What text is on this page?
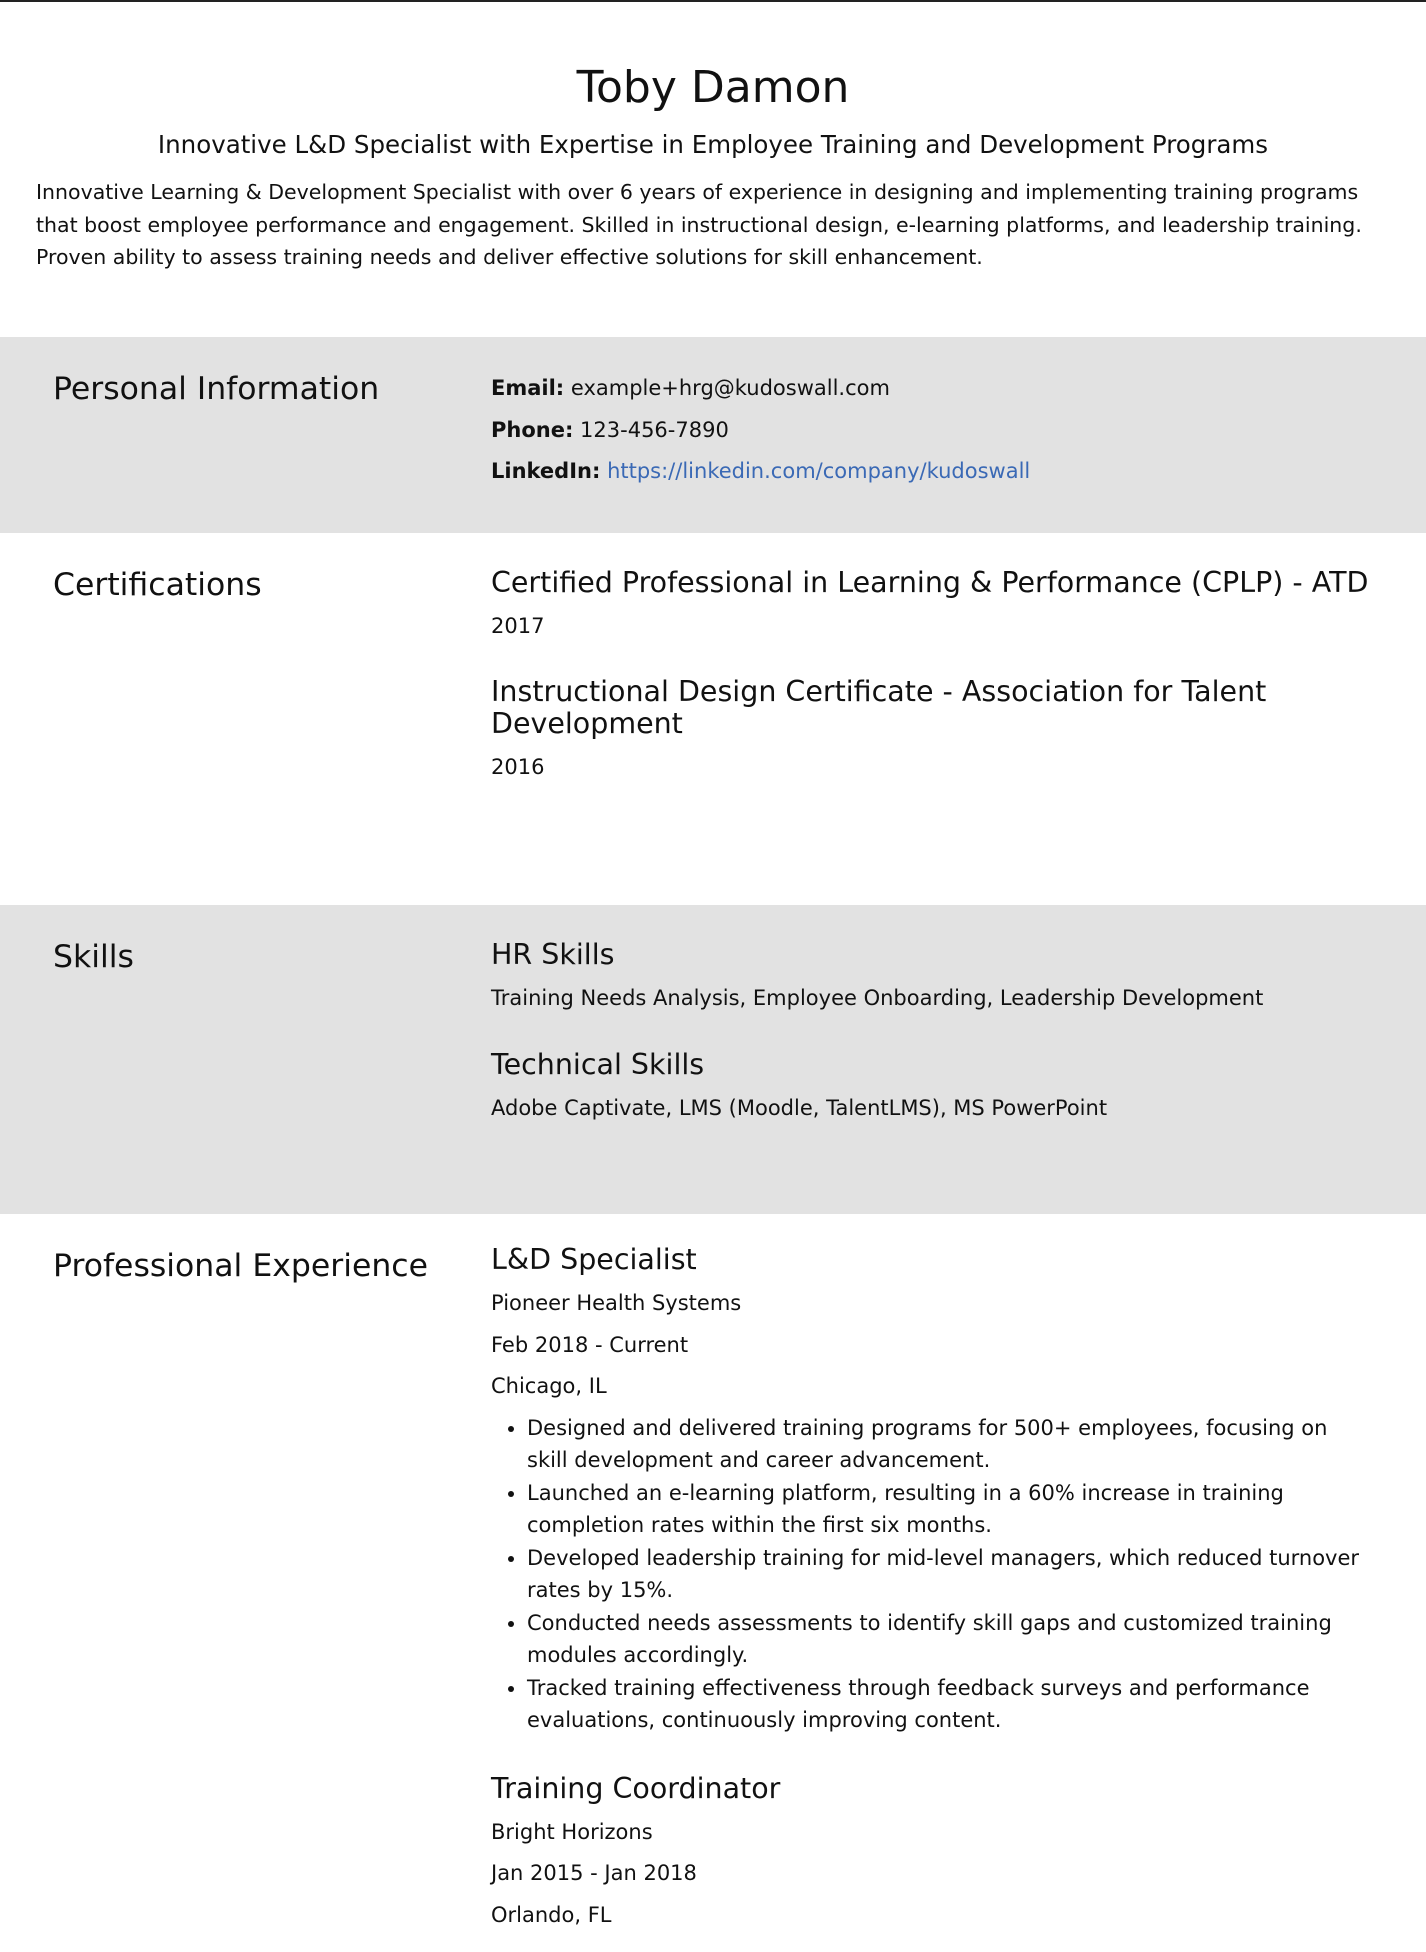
Toby Damon
Innovative L&D Specialist with Expertise in Employee Training and Development Programs
Innovative Learning & Development Specialist with over 6 years of experience in designing and implementing training programs that boost employee performance and engagement. Skilled in instructional design, e-learning platforms, and leadership training. Proven ability to assess training needs and deliver effective solutions for skill enhancement.
Personal Information	Email: example+hrg@kudoswall.com
Phone: 123-456-7890
LinkedIn: https://linkedin.com/company/kudoswall
Certifications	Certified Professional in Learning & Performance (CPLP) - ATD
2017
Instructional Design Certificate - Association for Talent Development
2016
Skills	HR Skills
Training Needs Analysis, Employee Onboarding, Leadership Development
Technical Skills
Adobe Captivate, LMS (Moodle, TalentLMS), MS PowerPoint
Professional Experience L&D Specialist
Pioneer Health Systems
Feb 2018 - Current
Chicago, IL
• Designed and delivered training programs for 500+ employees, focusing on skill development and career advancement.
• Launched an e-learning platform, resulting in a 60% increase in training completion rates within the first six months.
• Developed leadership training for mid-level managers, which reduced turnover rates by 15%.
• Conducted needs assessments to identify skill gaps and customized training modules accordingly.
• Tracked training effectiveness through feedback surveys and performance evaluations, continuously improving content.
Training Coordinator
Bright Horizons
Jan 2015 - Jan 2018
Orlando, FL
